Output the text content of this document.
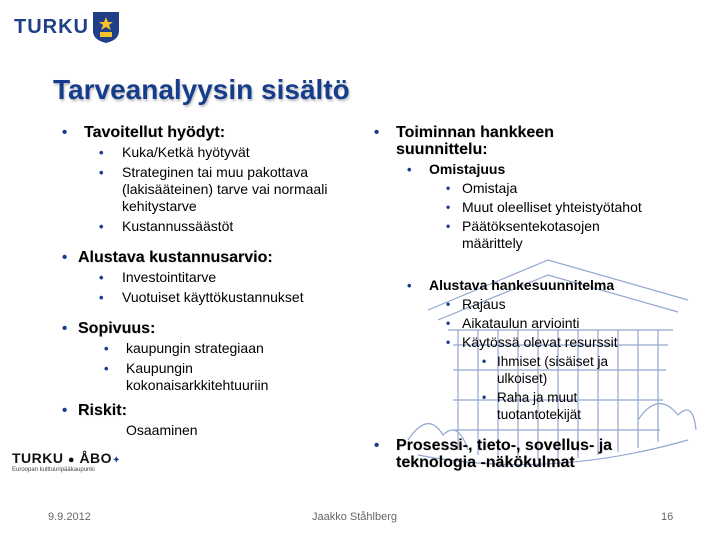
TURKU
Tarveanalyysin sisältö
•	Tavoitellut hyödyt:
• Kuka/Ketkä hyötyvät
• Strateginen tai muu pakottava (lakisääteinen) tarve vai normaali kehitystarve
• Kustannussäästöt
• Alustava kustannusarvio:
• Investointitarve
• Vuotuiset käyttökustannukset
• Sopivuus:
• kaupungin strategiaan
• Kaupungin kokonaisarkkitehtuuriin
• Riskit:
Osaaminen
•	Toiminnan hankkeen suunnittelu:
• Omistajuus
• Omistaja
• Muut oleelliset yhteistyötahot
• Päätöksentekotasojen määrittely
• Alustava hankesuunnitelma
• Rajaus
• Aikataulun arviointi
• Käytössä olevat resurssit
• Ihmiset (sisäiset ja ulkoiset)
• Raha ja muut tuotantotekijät
•	Prosessi-, tieto-, sovellus- ja teknologia -näkökulmat
TURKU ● ÅBO✦
Euroopan kulttuuripääkaupunki
9.9.2012	Jaakko Ståhlberg	16
